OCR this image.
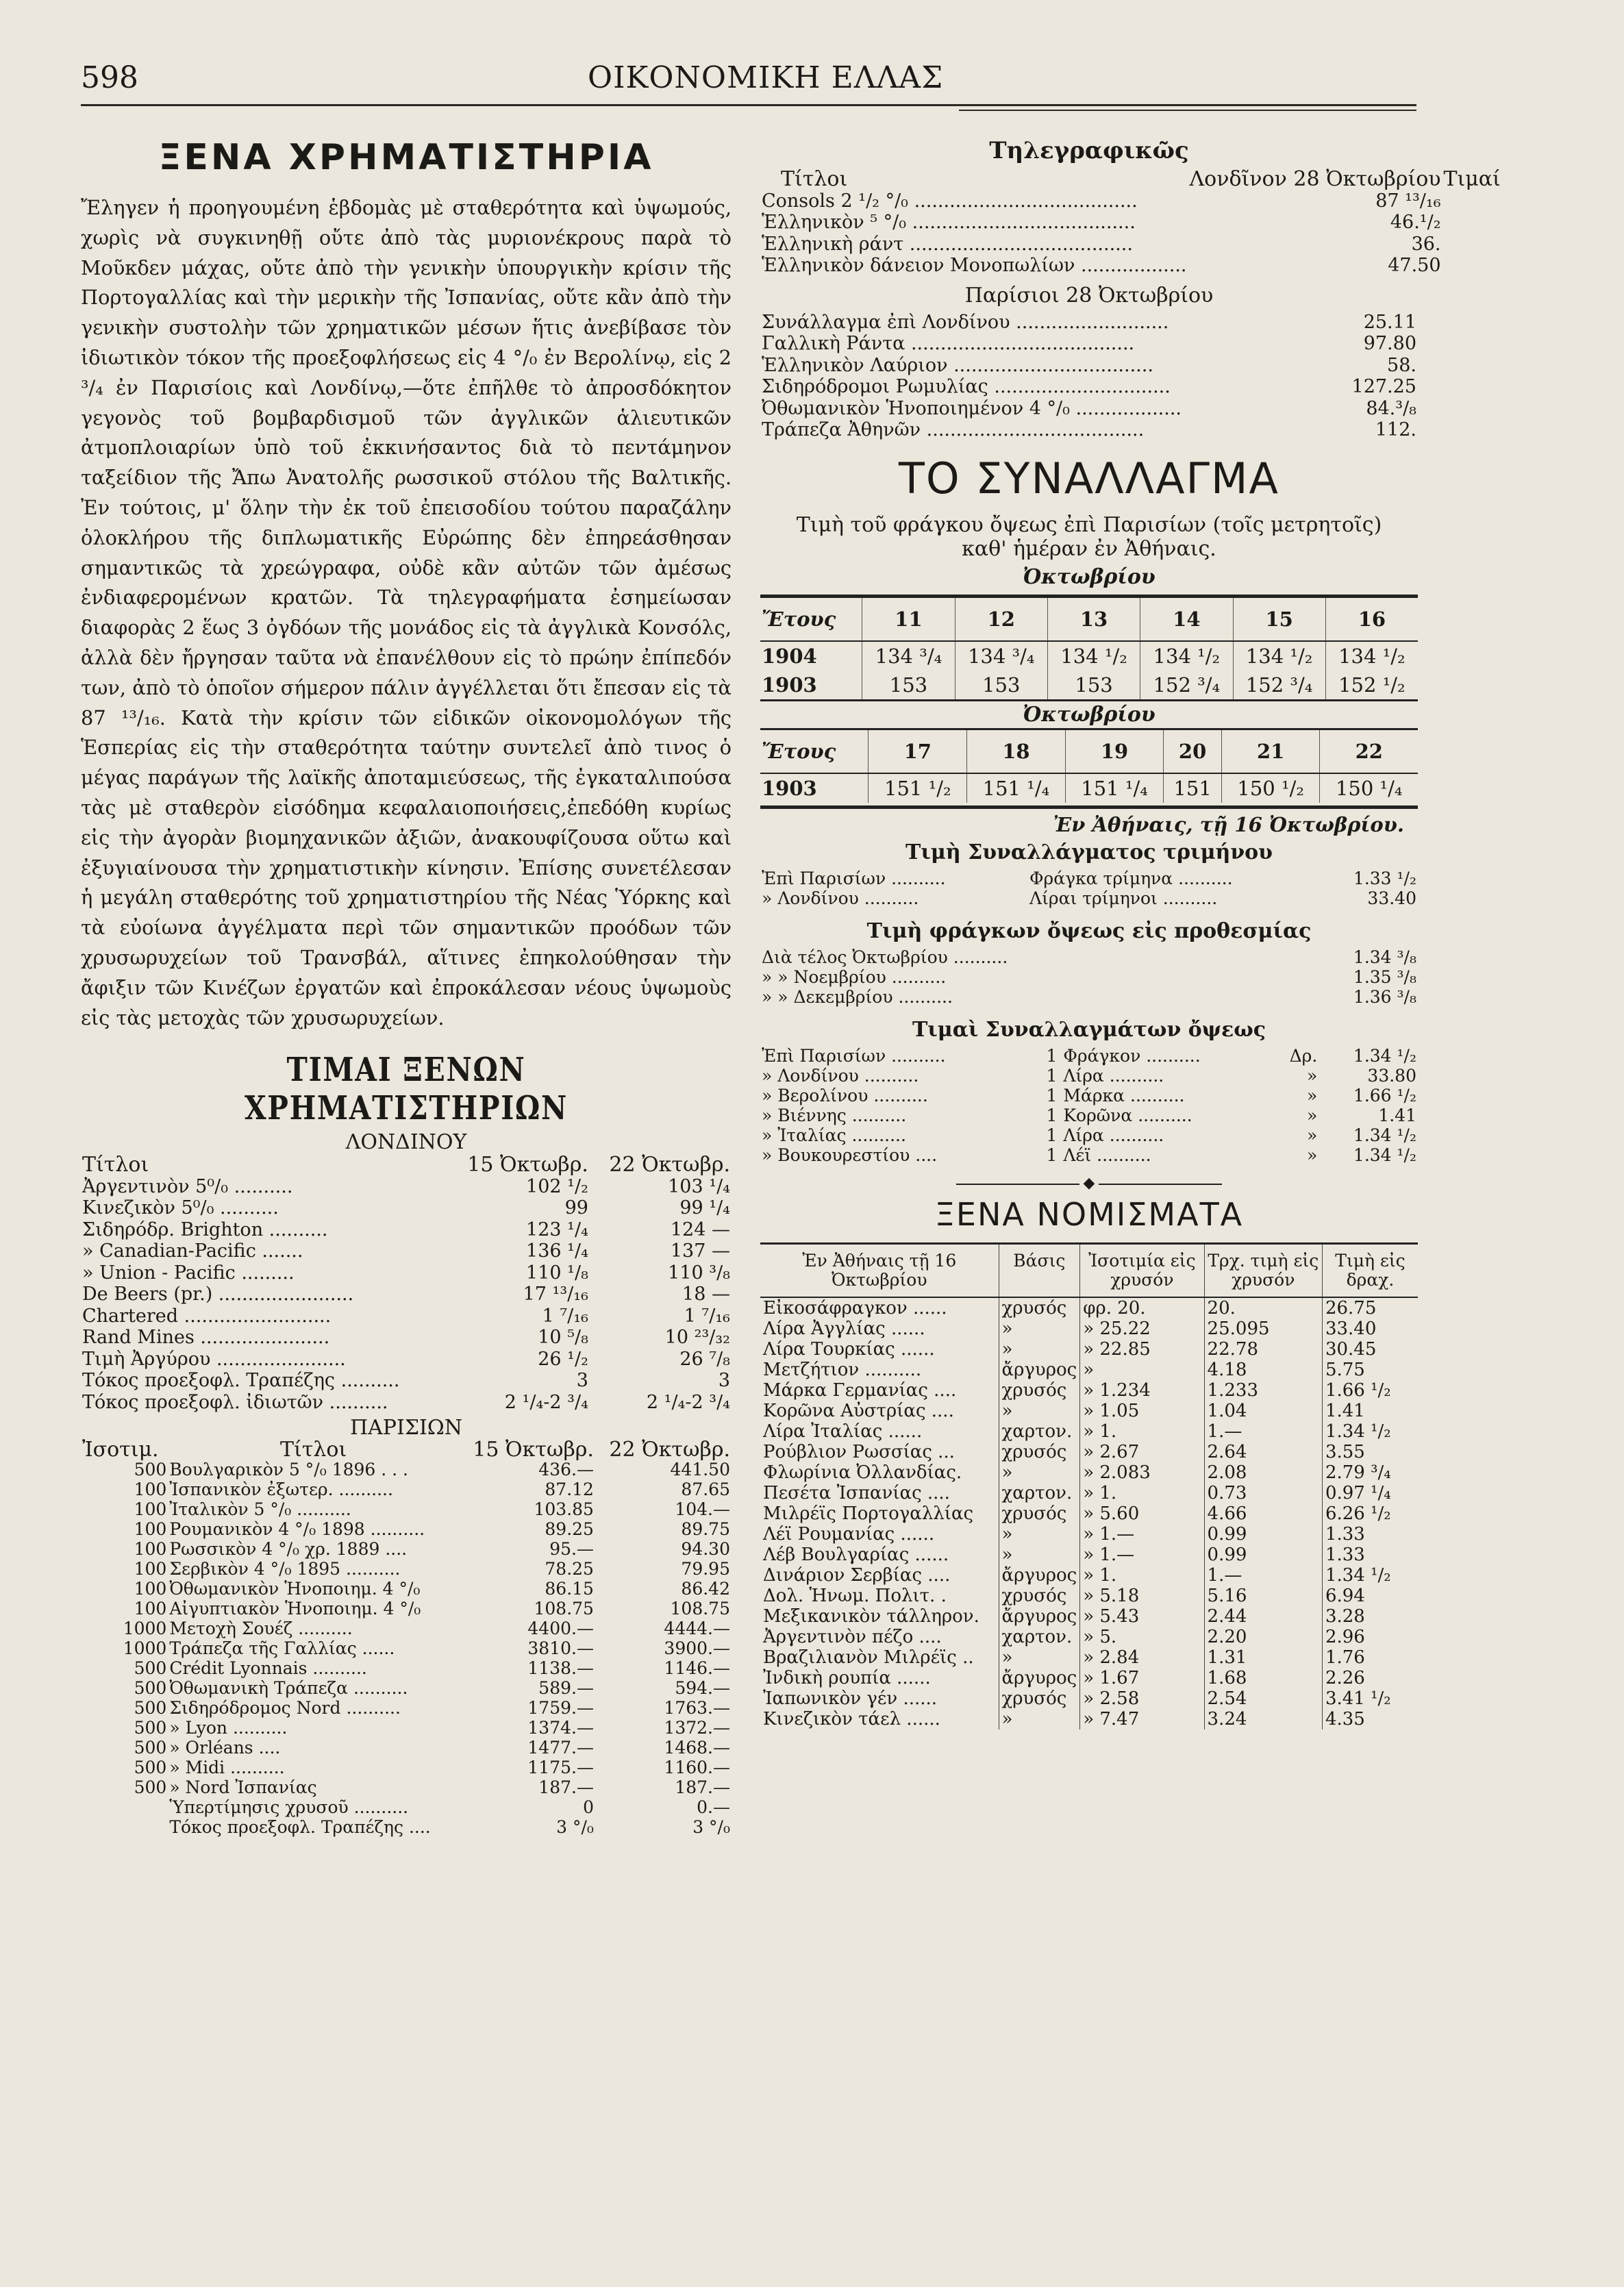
598	ΟΙΚΟΝΟΜΙΚΗ ΕΛΛΑΣ
ΞΕΝΑ ΧΡΗΜΑΤΙΣΤΗΡΙΑ

Ἔληγεν ἡ προηγουμένη ἑβδομὰς μὲ σταθερότητα καὶ ὑψωμούς, χωρὶς νὰ συγκινηθῇ οὔτε ἀπὸ τὰς μυριονέκρους παρὰ τὸ Μοῦκδεν μάχας, οὔτε ἀπὸ τὴν γενικὴν ὑπουργικὴν κρίσιν τῆς Πορτογαλλίας καὶ τὴν μερικὴν τῆς Ἰσπανίας, οὔτε κἂν ἀπὸ τὴν γενικὴν συστολὴν τῶν χρηματικῶν μέσων ἥτις ἀνεβίβασε τὸν ἰδιωτικὸν τόκον τῆς προεξοφλήσεως εἰς 4 °/₀ ἐν Βερολίνῳ, εἰς 2 ³/₄ ἐν Παρισίοις καὶ Λονδίνῳ,—ὅτε ἐπῆλθε τὸ ἀπροσδόκητον γεγονὸς τοῦ βομβαρδισμοῦ τῶν ἀγγλικῶν ἁλιευτικῶν ἀτμοπλοιαρίων ὑπὸ τοῦ ἐκκινήσαντος διὰ τὸ πεντάμηνον ταξείδιον τῆς Ἄπω Ἀνατολῆς ρωσσικοῦ στόλου τῆς Βαλτικῆς. Ἐν τούτοις, μ' ὅλην τὴν ἐκ τοῦ ἐπεισοδίου τούτου παραζάλην ὁλοκλήρου τῆς διπλωματικῆς Εὐρώπης δὲν ἐπηρεάσθησαν σημαντικῶς τὰ χρεώγραφα, οὐδὲ κἂν αὐτῶν τῶν ἀμέσως ἐνδιαφερομένων κρατῶν. Τὰ τηλεγραφήματα ἐσημείωσαν διαφορὰς 2 ἕως 3 ὀγδόων τῆς μονάδος εἰς τὰ ἀγγλικὰ Κονσόλς, ἀλλὰ δὲν ἤργησαν ταῦτα νὰ ἐπανέλθουν εἰς τὸ πρώην ἐπίπεδόν των, ἀπὸ τὸ ὁποῖον σήμερον πάλιν ἀγγέλλεται ὅτι ἔπεσαν εἰς τὰ 87 ¹³/₁₆. Κατὰ τὴν κρίσιν τῶν εἰδικῶν οἰκονομολόγων τῆς Ἑσπερίας εἰς τὴν σταθερότητα ταύτην συντελεῖ ἀπὸ τινος ὁ μέγας παράγων τῆς λαϊκῆς ἀποταμιεύσεως, τῆς ἐγκαταλιπούσα τὰς μὲ σταθερὸν εἰσόδημα κεφαλαιοποιήσεις,ἐπεδόθη κυρίως εἰς τὴν ἀγορὰν βιομηχανικῶν ἀξιῶν, ἀνακουφίζουσα οὕτω καὶ ἐξυγιαίνουσα τὴν χρηματιστικὴν κίνησιν. Ἐπίσης συνετέλεσαν ἡ μεγάλη σταθερότης τοῦ χρηματιστηρίου τῆς Νέας Ὑόρκης καὶ τὰ εὐοίωνα ἀγγέλματα περὶ τῶν σημαντικῶν προόδων τῶν χρυσωρυχείων τοῦ Τρανσβάλ, αἵτινες ἐπηκολούθησαν τὴν ἄφιξιν τῶν Κινέζων ἐργατῶν καὶ ἐπροκάλεσαν νέους ὑψωμοὺς εἰς τὰς μετοχὰς τῶν χρυσωρυχείων.

ΤΙΜΑΙ ΞΕΝΩΝ ΧΡΗΜΑΤΙΣΤΗΡΙΩΝ
ΛΟΝΔΙΝΟΥ
Τίτλοι	15 Ὀκτωβρ.	22 Ὀκτωβρ.
Ἀργεντινὸν 5⁰/₀ ..........	102 ¹/₂	103 ¹/₄
Κινεζικὸν 5⁰/₀ ..........	99	99 ¹/₄
Σιδηρόδρ. Brighton ..........	123 ¹/₄	124 —
» Canadian-Pacific .......	136 ¹/₄	137 —
» Union - Pacific .........	110 ¹/₈	110 ³/₈
De Beers (pr.) .......................	17 ¹³/₁₆	18 —
Chartered .........................	1 ⁷/₁₆	1 ⁷/₁₆
Rand Mines ......................	10 ⁵/₈	10 ²³/₃₂
Τιμὴ Ἀργύρου ......................	26 ¹/₂	26 ⁷/₈
Τόκος προεξοφλ. Τραπέζης ..........	3	3
Τόκος προεξοφλ. ἰδιωτῶν ..........	2 ¹/₄-2 ³/₄	2 ¹/₄-2 ³/₄
ΠΑΡΙΣΙΩΝ
Ἰσοτιμ.	Τίτλοι	15 Ὀκτωβρ.	22 Ὀκτωβρ.
500	Βουλγαρικὸν 5 °/₀ 1896 . . .	436.—	441.50
100	Ἰσπανικὸν ἐξωτερ. ..........	87.12	87.65
100	Ἰταλικὸν 5 °/₀ ..........	103.85	104.—
100	Ρουμανικὸν 4 °/₀ 1898 ..........	89.25	89.75
100	Ρωσσικὸν 4 °/₀ χρ. 1889 ....	95.—	94.30
100	Σερβικὸν 4 °/₀ 1895 ..........	78.25	79.95
100	Ὀθωμανικὸν Ἡνοποιημ. 4 °/₀	86.15	86.42
100	Αἰγυπτιακὸν Ἡνοποιημ. 4 °/₀	108.75	108.75
1000	Μετοχὴ Σουέζ ..........	4400.—	4444.—
1000	Τράπεζα τῆς Γαλλίας ......	3810.—	3900.—
500	Crédit Lyonnais ..........	1138.—	1146.—
500	Ὀθωμανικὴ Τράπεζα ..........	589.—	594.—
500	Σιδηρόδρομος Nord ..........	1759.—	1763.—
500	» Lyon ..........	1374.—	1372.—
500	» Orléans ....	1477.—	1468.—
500	» Midi ..........	1175.—	1160.—
500	» Nord Ἰσπανίας	187.—	187.—
	Ὑπερτίμησις χρυσοῦ ..........	0	0.—
	Τόκος προεξοφλ. Τραπέζης ....	3 °/₀	3 °/₀
Τηλεγραφικῶς
Τίτλοι	Λονδῖνον 28 Ὀκτωβρίου	Τιμαί
Consols 2 ¹/₂ °/₀ ......................................	87 ¹³/₁₆	
Ἑλληνικὸν ⁵ °/₀ ......................................	46.¹/₂	
Ἑλληνικὴ ράντ ......................................	36.	
Ἑλληνικὸν δάνειον Μονοπωλίων ..................	47.50	
Παρίσιοι 28 Ὀκτωβρίου
Συνάλλαγμα ἐπὶ Λονδίνου ..........................	25.11
Γαλλικὴ Ράντα ......................................	97.80
Ἑλληνικὸν Λαύριον ..................................	58.
Σιδηρόδρομοι Ρωμυλίας ..............................	127.25
Ὀθωμανικὸν Ἡνοποιημένον 4 °/₀ ..................	84.³/₈
Τράπεζα Ἀθηνῶν .....................................	112.
ΤΟ ΣΥΝΑΛΛΑΓΜΑ
Τιμὴ τοῦ φράγκου ὄψεως ἐπὶ Παρισίων (τοῖς μετρητοῖς)
καθ' ἡμέραν ἐν Ἀθήναις.
Ὀκτωβρίου
Ἔτους	11	12	13	14	15	16
1904	134 ³/₄	134 ³/₄	134 ¹/₂	134 ¹/₂	134 ¹/₂	134 ¹/₂
1903	153	153	153	152 ³/₄	152 ³/₄	152 ¹/₂
Ὀκτωβρίου
Ἔτους	17	18	19	20	21	22
1903	151 ¹/₂	151 ¹/₄	151 ¹/₄	151	150 ¹/₂	150 ¹/₄
Ἐν Ἀθήναις, τῇ 16 Ὀκτωβρίου.
Τιμὴ Συναλλάγματος τριμήνου
Ἐπὶ Παρισίων ..........	Φράγκα τρίμηνα ..........	1.33 ¹/₂
» Λονδίνου ..........	Λίραι τρίμηνοι ..........	33.40
Τιμὴ φράγκων ὄψεως εἰς προθεσμίας
Διὰ τέλος Ὀκτωβρίου ..........	1.34 ³/₈
» » Νοεμβρίου ..........	1.35 ³/₈
» » Δεκεμβρίου ..........	1.36 ³/₈
Τιμαὶ Συναλλαγμάτων ὄψεως
Ἐπὶ Παρισίων ..........	1	Φράγκον ..........	Δρ.	1.34 ¹/₂
» Λονδίνου ..........	1	Λίρα ..........	»	33.80
» Βερολίνου ..........	1	Μάρκα ..........	»	1.66 ¹/₂
» Βιέννης ..........	1	Κορῶνα ..........	»	1.41
» Ἰταλίας ..........	1	Λίρα ..........	»	1.34 ¹/₂
» Βουκουρεστίου ....	1	Λέϊ ..........	»	1.34 ¹/₂
◆
ΞΕΝΑ ΝΟΜΙΣΜΑΤΑ
Ἐν Ἀθήναις τῇ 16 Ὀκτωβρίου	Βάσις	Ἰσοτιμία εἰς χρυσόν	Τρχ. τιμὴ εἰς χρυσόν	Τιμὴ εἰς δραχ.
Εἰκοσάφραγκον ......	χρυσός	φρ. 20.	20.	26.75
Λίρα Ἀγγλίας ......	»	» 25.22	25.095	33.40
Λίρα Τουρκίας ......	»	» 22.85	22.78	30.45
Μετζήτιον ..........	ἄργυρος	»	4.18	5.75
Μάρκα Γερμανίας ....	χρυσός	» 1.234	1.233	1.66 ¹/₂
Κορῶνα Αὐστρίας ....	»	» 1.05	1.04	1.41
Λίρα Ἰταλίας ......	χαρτον.	» 1.	1.—	1.34 ¹/₂
Ρούβλιον Ρωσσίας ...	χρυσός	» 2.67	2.64	3.55
Φλωρίνια Ὀλλανδίας.	»	» 2.083	2.08	2.79 ³/₄
Πεσέτα Ἰσπανίας ....	χαρτον.	» 1.	0.73	0.97 ¹/₄
Μιλρέϊς Πορτογαλλίας	χρυσός	» 5.60	4.66	6.26 ¹/₂
Λέϊ Ρουμανίας ......	»	» 1.—	0.99	1.33
Λέβ Βουλγαρίας ......	»	» 1.—	0.99	1.33
Δινάριον Σερβίας ....	ἄργυρος	» 1.	1.—	1.34 ¹/₂
Δολ. Ἡνωμ. Πολιτ. .	χρυσός	» 5.18	5.16	6.94
Μεξικανικὸν τάλληρον.	ἄργυρος	» 5.43	2.44	3.28
Ἀργεντινὸν πέζο ....	χαρτον.	» 5.	2.20	2.96
Βραζιλιανὸν Μιλρέϊς ..	»	» 2.84	1.31	1.76
Ἰνδικὴ ρουπία ......	ἄργυρος	» 1.67	1.68	2.26
Ἰαπωνικὸν γέν ......	χρυσός	» 2.58	2.54	3.41 ¹/₂
Κινεζικὸν τάελ ......	»	» 7.47	3.24	4.35
